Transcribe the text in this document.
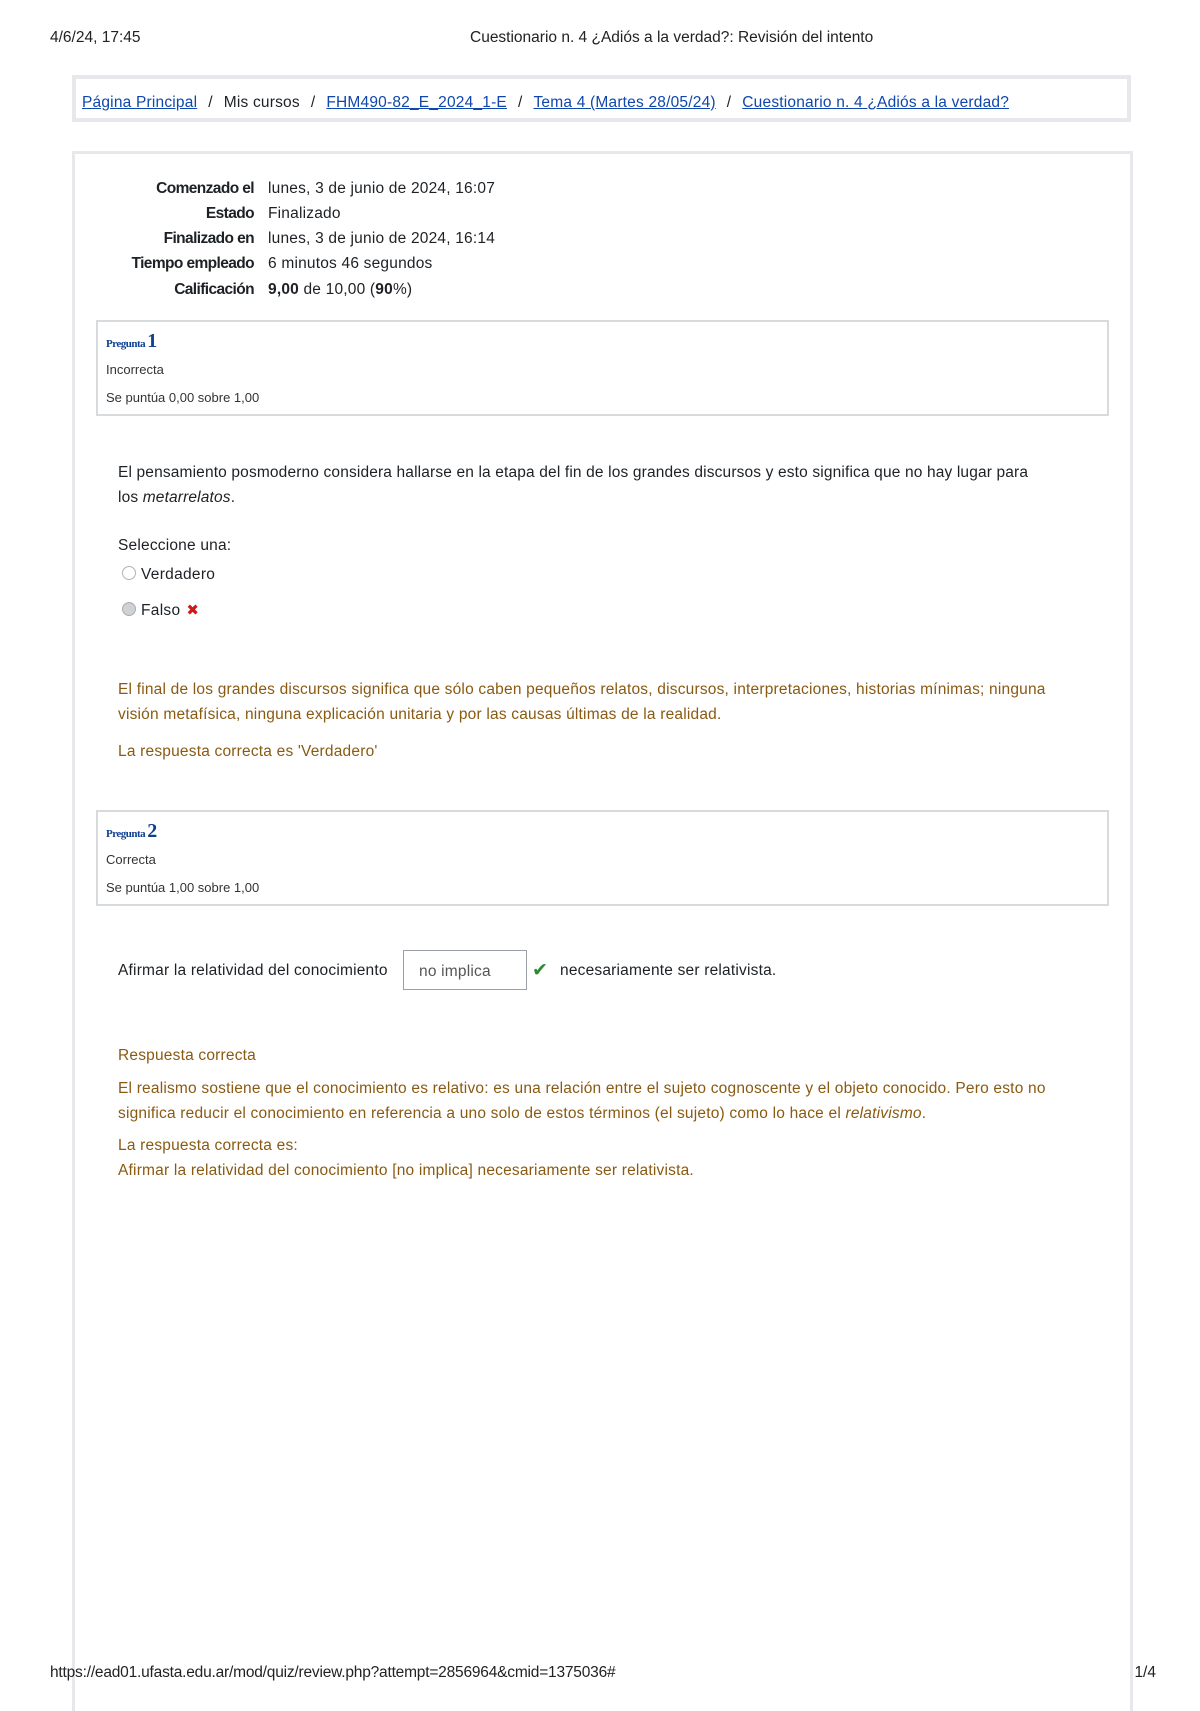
4/6/24, 17:45	Cuestionario n. 4 ¿Adiós a la verdad?: Revisión del intento
Página Principal / Mis cursos / FHM490-82_E_2024_1-E / Tema 4 (Martes 28/05/24) / Cuestionario n. 4 ¿Adiós a la verdad?
Comenzado el lunes, 3 de junio de 2024, 16:07
Estado Finalizado
Finalizado en lunes, 3 de junio de 2024, 16:14
Tiempo empleado 6 minutos 46 segundos
Calificación 9,00 de 10,00 (90%)
Pregunta 1
Incorrecta
Se puntúa 0,00 sobre 1,00
El pensamiento posmoderno considera hallarse en la etapa del fin de los grandes discursos y esto significa que no hay lugar para
los metarrelatos.
Seleccione una:
Verdadero
Falso ✖
El final de los grandes discursos significa que sólo caben pequeños relatos, discursos, interpretaciones, historias mínimas; ninguna visión metafísica, ninguna explicación unitaria y por las causas últimas de la realidad.
La respuesta correcta es 'Verdadero'
Pregunta 2
Correcta
Se puntúa 1,00 sobre 1,00
Afirmar la relatividad del conocimiento	no implica	✔ necesariamente ser relativista.
Respuesta correcta
El realismo sostiene que el conocimiento es relativo: es una relación entre el sujeto cognoscente y el objeto conocido. Pero esto no significa reducir el conocimiento en referencia a uno solo de estos términos (el sujeto) como lo hace el relativismo.
La respuesta correcta es:
Afirmar la relatividad del conocimiento [no implica] necesariamente ser relativista.
https://ead01.ufasta.edu.ar/mod/quiz/review.php?attempt=2856964&cmid=1375036#	1/4
